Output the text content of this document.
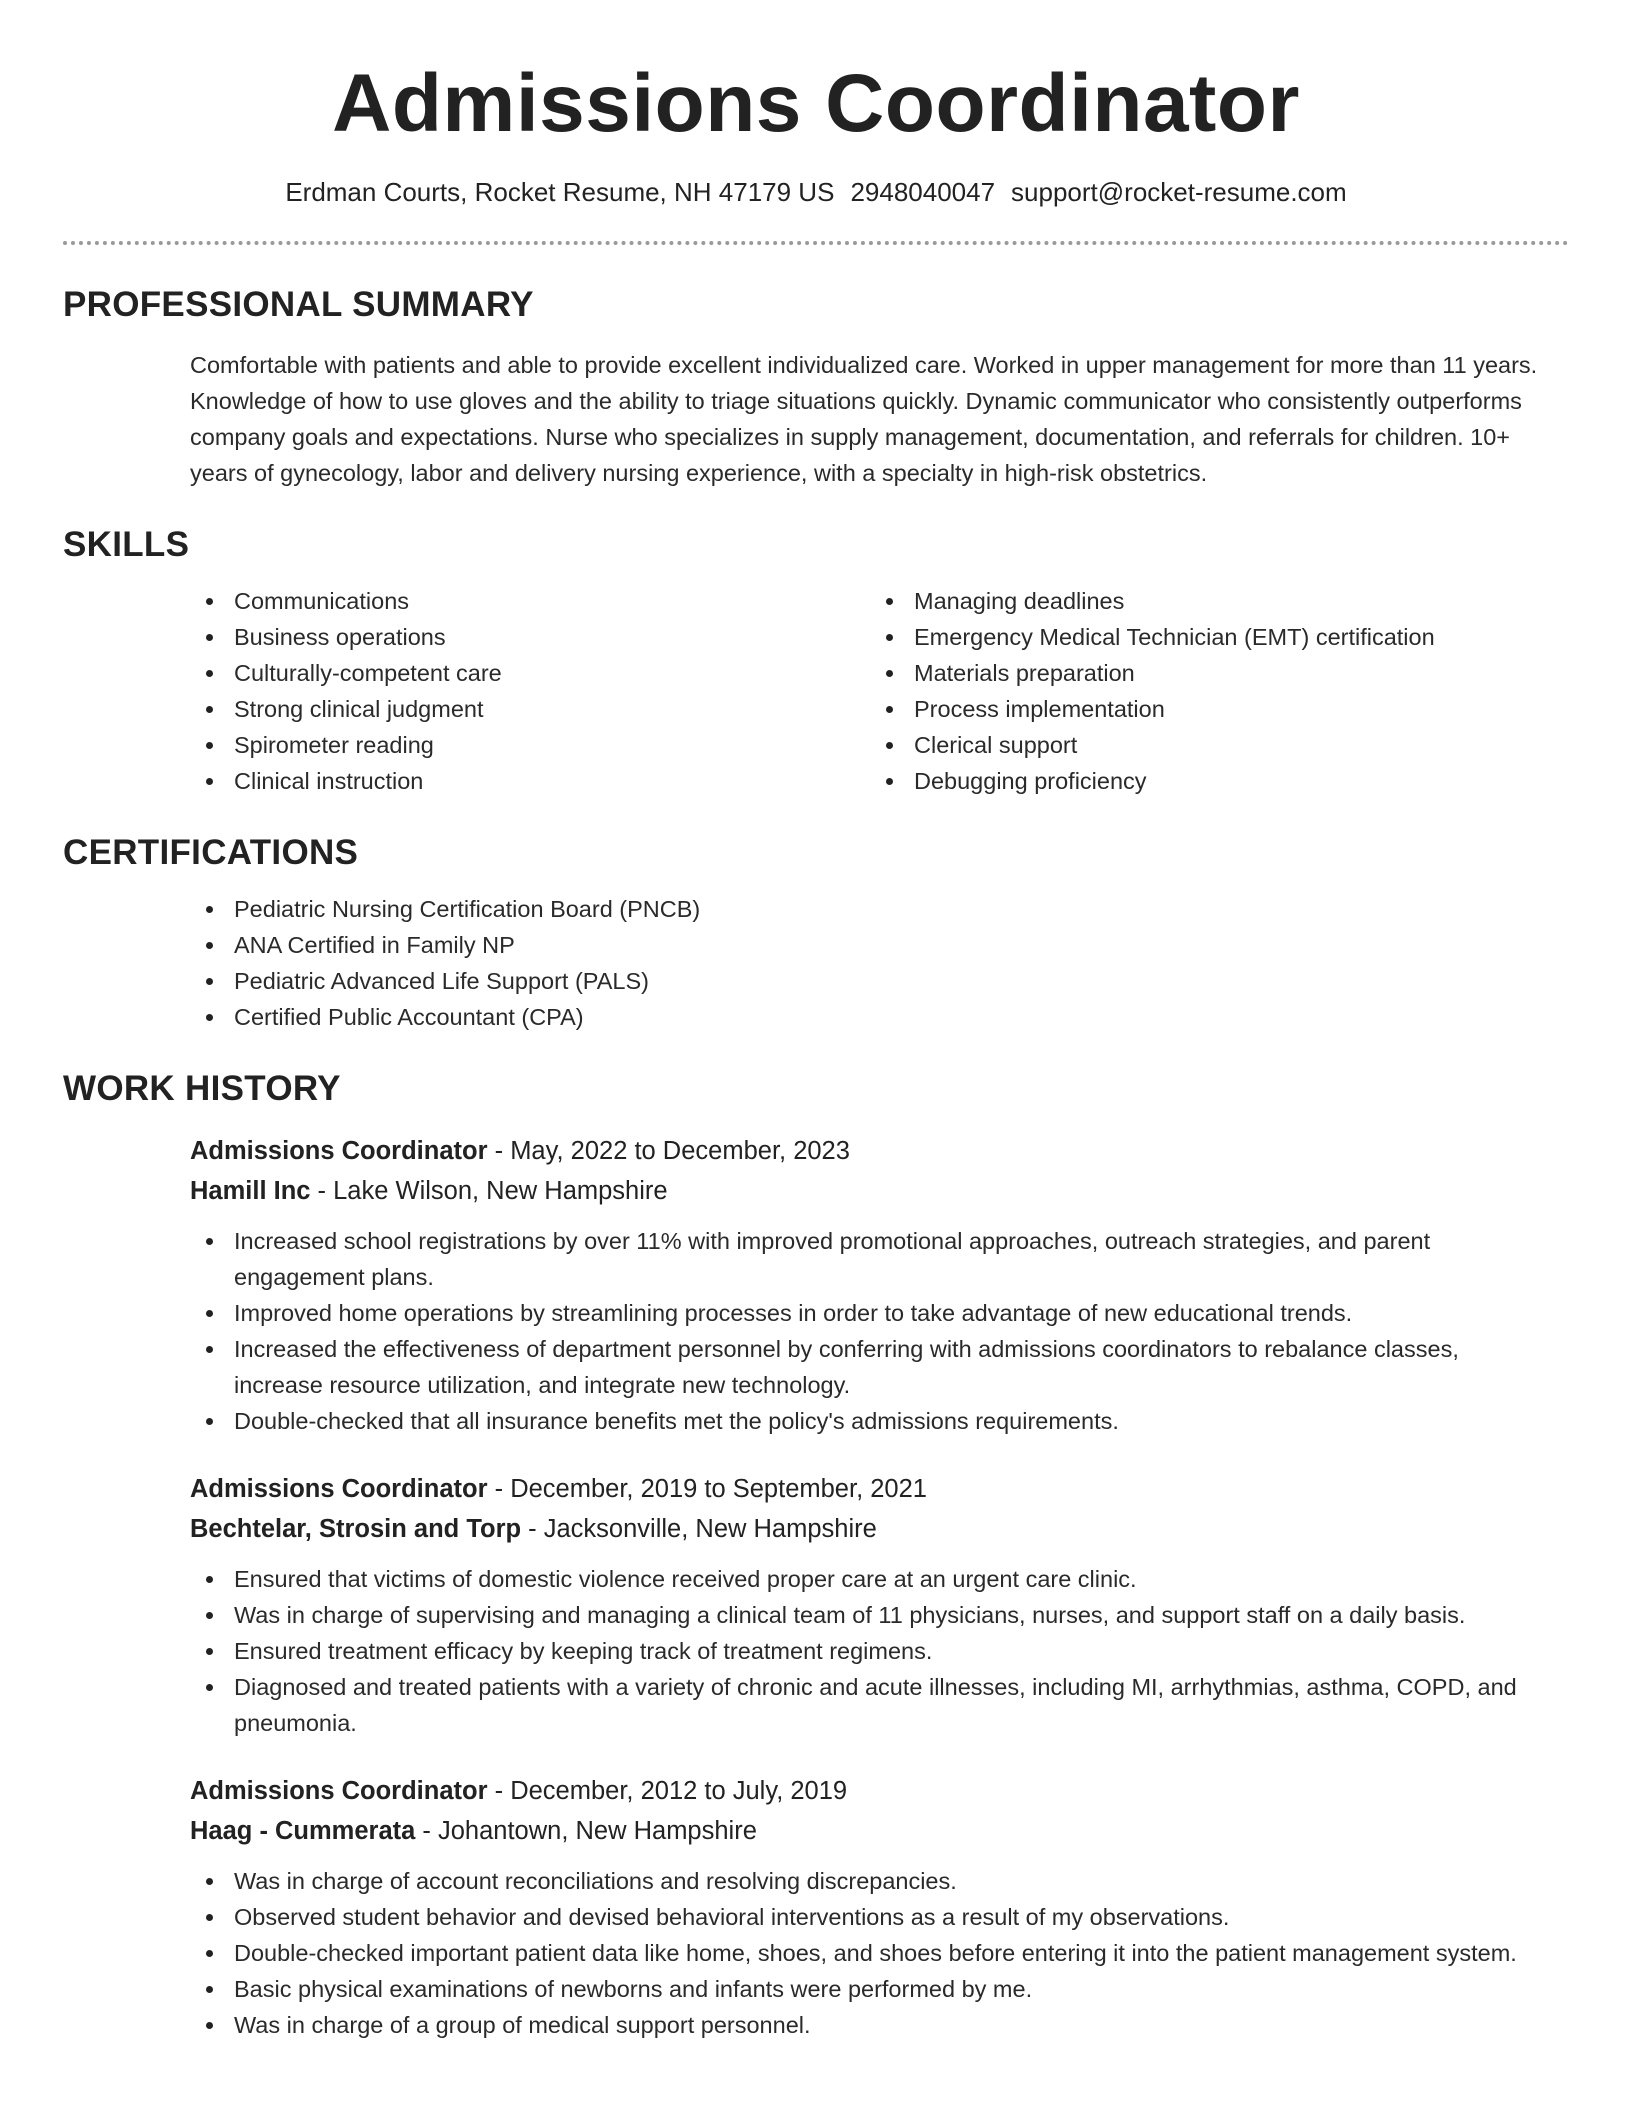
Admissions Coordinator
Erdman Courts, Rocket Resume, NH 47179 US 2948040047 support@rocket-resume.com
PROFESSIONAL SUMMARY

Comfortable with patients and able to provide excellent individualized care. Worked in upper management for more than 11 years. Knowledge of how to use gloves and the ability to triage situations quickly. Dynamic communicator who consistently outperforms company goals and expectations. Nurse who specializes in supply management, documentation, and referrals for children. 10+ years of gynecology, labor and delivery nursing experience, with a specialty in high-risk obstetrics.

SKILLS
Communications
Business operations
Culturally-competent care
Strong clinical judgment
Spirometer reading
Clinical instruction
Managing deadlines
Emergency Medical Technician (EMT) certification
Materials preparation
Process implementation
Clerical support
Debugging proficiency
CERTIFICATIONS
Pediatric Nursing Certification Board (PNCB)
ANA Certified in Family NP
Pediatric Advanced Life Support (PALS)
Certified Public Accountant (CPA)
WORK HISTORY
Admissions Coordinator - May, 2022 to December, 2023
Hamill Inc - Lake Wilson, New Hampshire
Increased school registrations by over 11% with improved promotional approaches, outreach strategies, and parent engagement plans.
Improved home operations by streamlining processes in order to take advantage of new educational trends.
Increased the effectiveness of department personnel by conferring with admissions coordinators to rebalance classes, increase resource utilization, and integrate new technology.
Double-checked that all insurance benefits met the policy's admissions requirements.
Admissions Coordinator - December, 2019 to September, 2021
Bechtelar, Strosin and Torp - Jacksonville, New Hampshire
Ensured that victims of domestic violence received proper care at an urgent care clinic.
Was in charge of supervising and managing a clinical team of 11 physicians, nurses, and support staff on a daily basis.
Ensured treatment efficacy by keeping track of treatment regimens.
Diagnosed and treated patients with a variety of chronic and acute illnesses, including MI, arrhythmias, asthma, COPD, and pneumonia.
Admissions Coordinator - December, 2012 to July, 2019
Haag - Cummerata - Johantown, New Hampshire
Was in charge of account reconciliations and resolving discrepancies.
Observed student behavior and devised behavioral interventions as a result of my observations.
Double-checked important patient data like home, shoes, and shoes before entering it into the patient management system.
Basic physical examinations of newborns and infants were performed by me.
Was in charge of a group of medical support personnel.
